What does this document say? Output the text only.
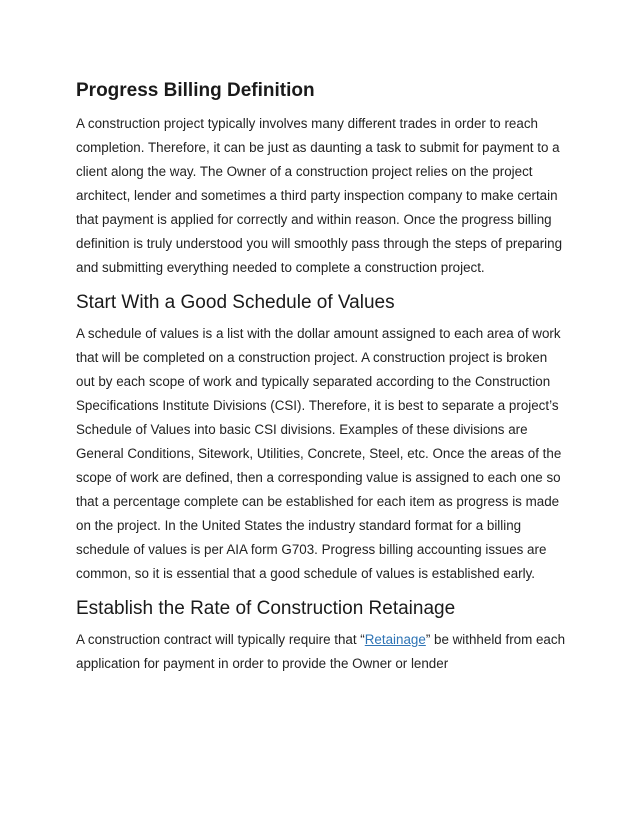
Progress Billing Definition

A construction project typically involves many different trades in order to reach completion. Therefore, it can be just as daunting a task to submit for payment to a client along the way. The Owner of a construction project relies on the project architect, lender and sometimes a third party inspection company to make certain that payment is applied for correctly and within reason. Once the progress billing definition is truly understood you will smoothly pass through the steps of preparing and submitting everything needed to complete a construction project.

Start With a Good Schedule of Values

A schedule of values is a list with the dollar amount assigned to each area of work that will be completed on a construction project. A construction project is broken out by each scope of work and typically separated according to the Construction Specifications Institute Divisions (CSI). Therefore, it is best to separate a project’s Schedule of Values into basic CSI divisions. Examples of these divisions are General Conditions, Sitework, Utilities, Concrete, Steel, etc. Once the areas of the scope of work are defined, then a corresponding value is assigned to each one so that a percentage complete can be established for each item as progress is made on the project. In the United States the industry standard format for a billing schedule of values is per AIA form G703. Progress billing accounting issues are common, so it is essential that a good schedule of values is established early.

Establish the Rate of Construction Retainage

A construction contract will typically require that “Retainage” be withheld from each application for payment in order to provide the Owner or lender
